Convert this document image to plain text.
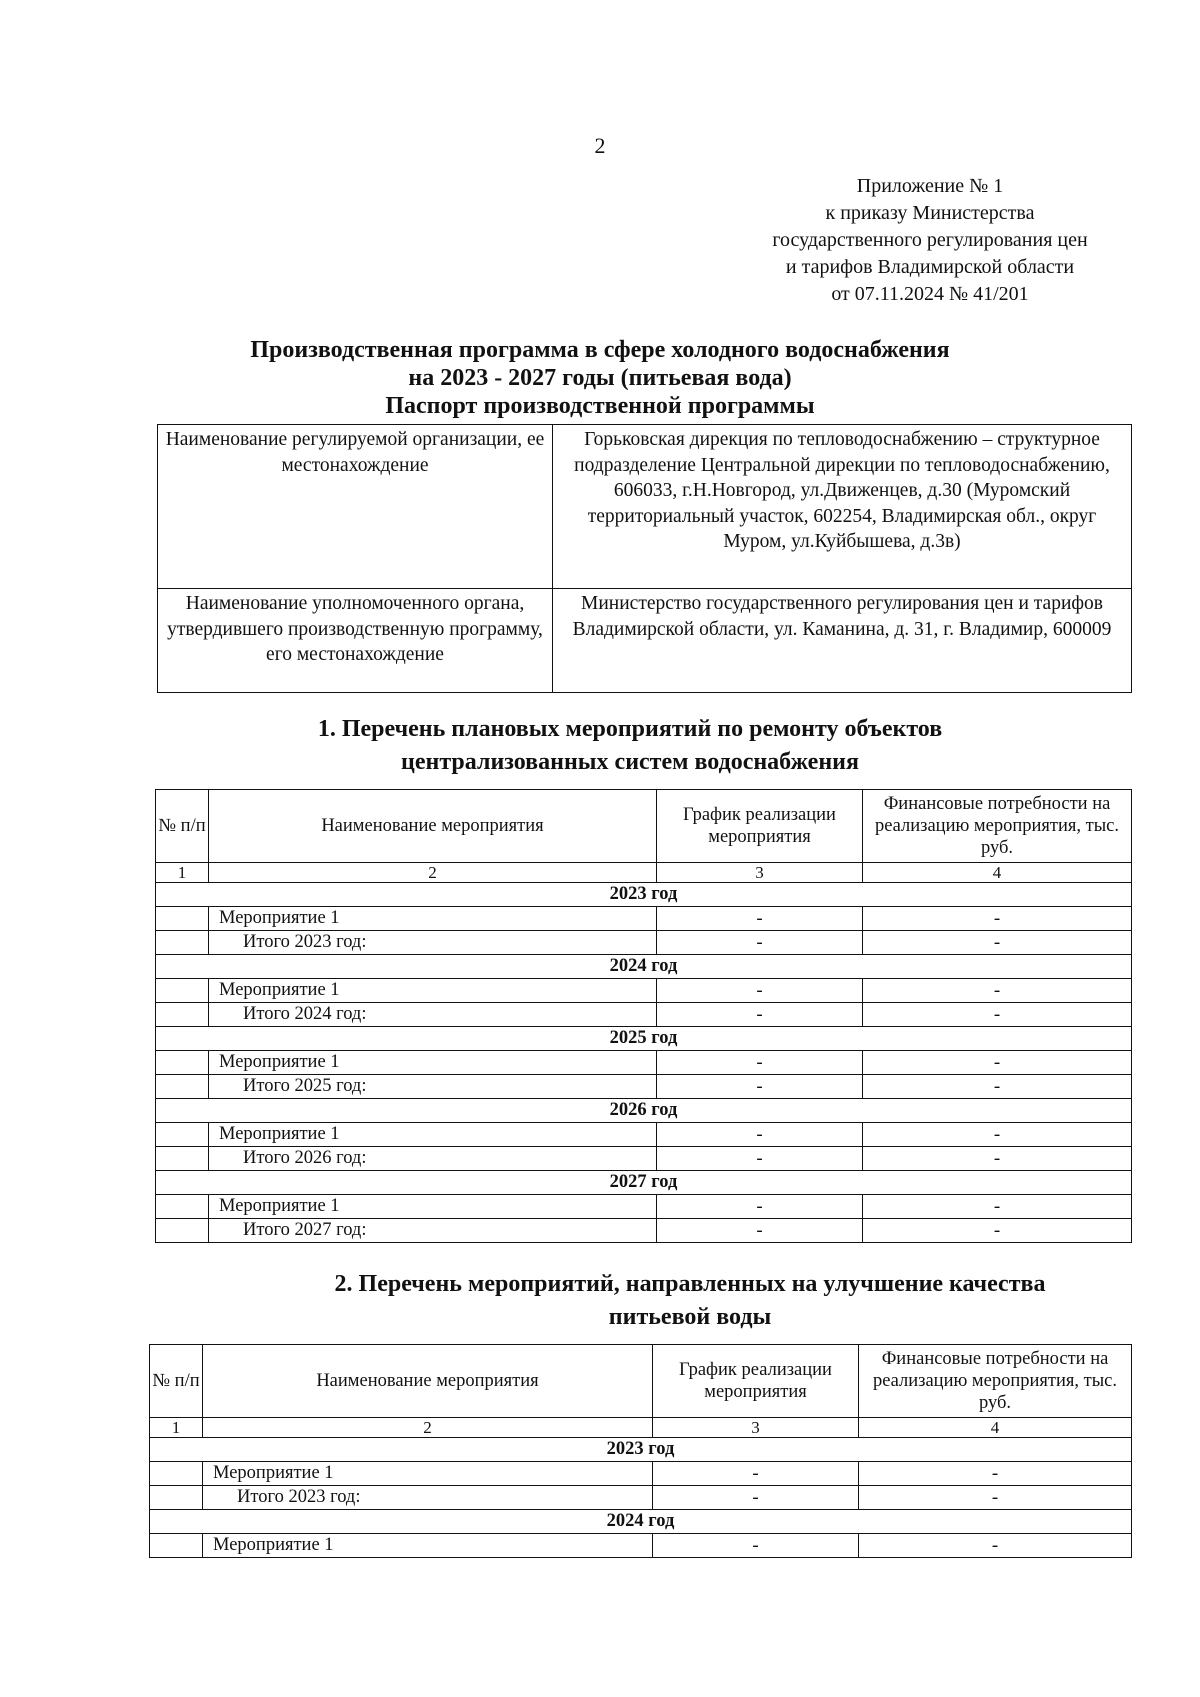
2
Приложение № 1
к приказу Министерства
государственного регулирования цен
и тарифов Владимирской области
от 07.11.2024 № 41/201
Производственная программа в сфере холодного водоснабжения
на 2023 - 2027 годы (питьевая вода)
Паспорт производственной программы
Наименование регулируемой организации, ее местонахождение	Горьковская дирекция по тепловодоснабжению – структурное подразделение Центральной дирекции по тепловодоснабжению,
606033, г.Н.Новгород, ул.Движенцев, д.30 (Муромский территориальный участок, 602254, Владимирская обл., округ Муром, ул.Куйбышева, д.3в)

Наименование уполномоченного органа, утвердившего производственную программу, его местонахождение	Министерство государственного регулирования цен и тарифов Владимирской области, ул. Каманина, д. 31, г. Владимир, 600009
1. Перечень плановых мероприятий по ремонту объектов
централизованных систем водоснабжения
№ п/п	Наименование мероприятия	График реализации мероприятия	Финансовые потребности на реализацию мероприятия, тыс. руб.
1	2	3	4
2023 год			
	Мероприятие 1	-	-
	Итого 2023 год:	-	-
2024 год			
	Мероприятие 1	-	-
	Итого 2024 год:	-	-
2025 год			
	Мероприятие 1	-	-
	Итого 2025 год:	-	-
2026 год			
	Мероприятие 1	-	-
	Итого 2026 год:	-	-
2027 год			
	Мероприятие 1	-	-
	Итого 2027 год:	-	-
2. Перечень мероприятий, направленных на улучшение качества
питьевой воды
№ п/п	Наименование мероприятия	График реализации мероприятия	Финансовые потребности на реализацию мероприятия, тыс. руб.
1	2	3	4
2023 год			
	Мероприятие 1	-	-
	Итого 2023 год:	-	-
2024 год			
	Мероприятие 1	-	-
